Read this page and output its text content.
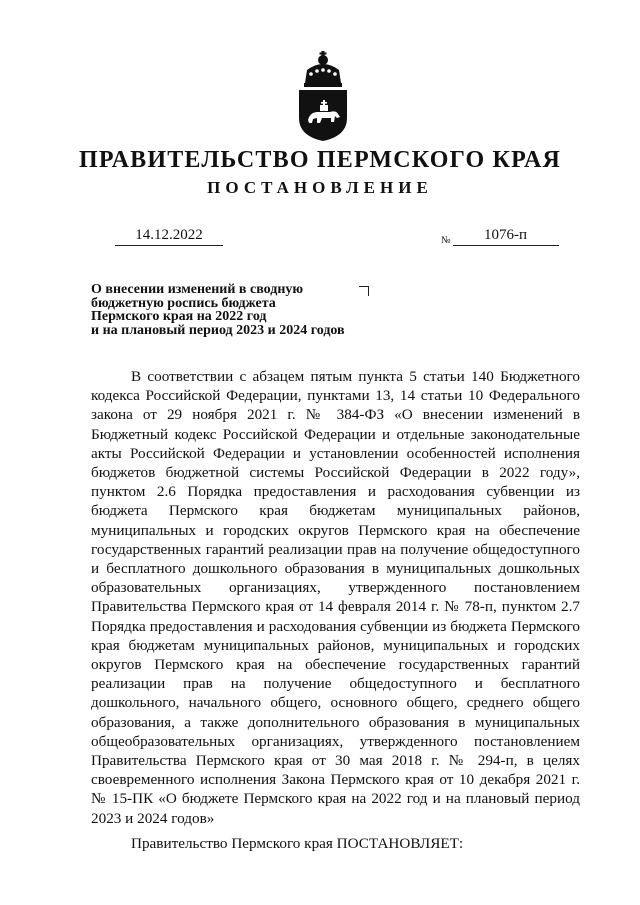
ПРАВИТЕЛЬСТВО ПЕРМСКОГО КРАЯ
ПОСТАНОВЛЕНИЕ
14.12.2022	$_№$ 1076-п
О внесении изменений в сводную
бюджетную роспись бюджета
Пермского края на 2022 год
и на плановый период 2023 и 2024 годов

В соответствии с абзацем пятым пункта 5 статьи 140 Бюджетного кодекса Российской Федерации, пунктами 13, 14 статьи 10 Федерального закона от 29 ноября 2021 г. № 384-ФЗ «О внесении изменений в Бюджетный кодекс Российской Федерации и отдельные законодательные акты Российской Федерации и установлении особенностей исполнения бюджетов бюджетной системы Российской Федерации в 2022 году», пунктом 2.6 Порядка предоставления и расходования субвенции из бюджета Пермского края бюджетам муниципальных районов, муниципальных и городских округов Пермского края на обеспечение государственных гарантий реализации прав на получение общедоступного и бесплатного дошкольного образования в муниципальных дошкольных образовательных организациях, утвержденного постановлением Правительства Пермского края от 14 февраля 2014 г. № 78-п, пунктом 2.7 Порядка предоставления и расходования субвенции из бюджета Пермского края бюджетам муниципальных районов, муниципальных и городских округов Пермского края на обеспечение государственных гарантий реализации прав на получение общедоступного и бесплатного дошкольного, начального общего, основного общего, среднего общего образования, а также дополнительного образования в муниципальных общеобразовательных организациях, утвержденного постановлением Правительства Пермского края от 30 мая 2018 г. № 294-п, в целях своевременного исполнения Закона Пермского края от 10 декабря 2021 г. № 15-ПК «О бюджете Пермского края на 2022 год и на плановый период 2023 и 2024 годов»

Правительство Пермского края ПОСТАНОВЛЯЕТ:
